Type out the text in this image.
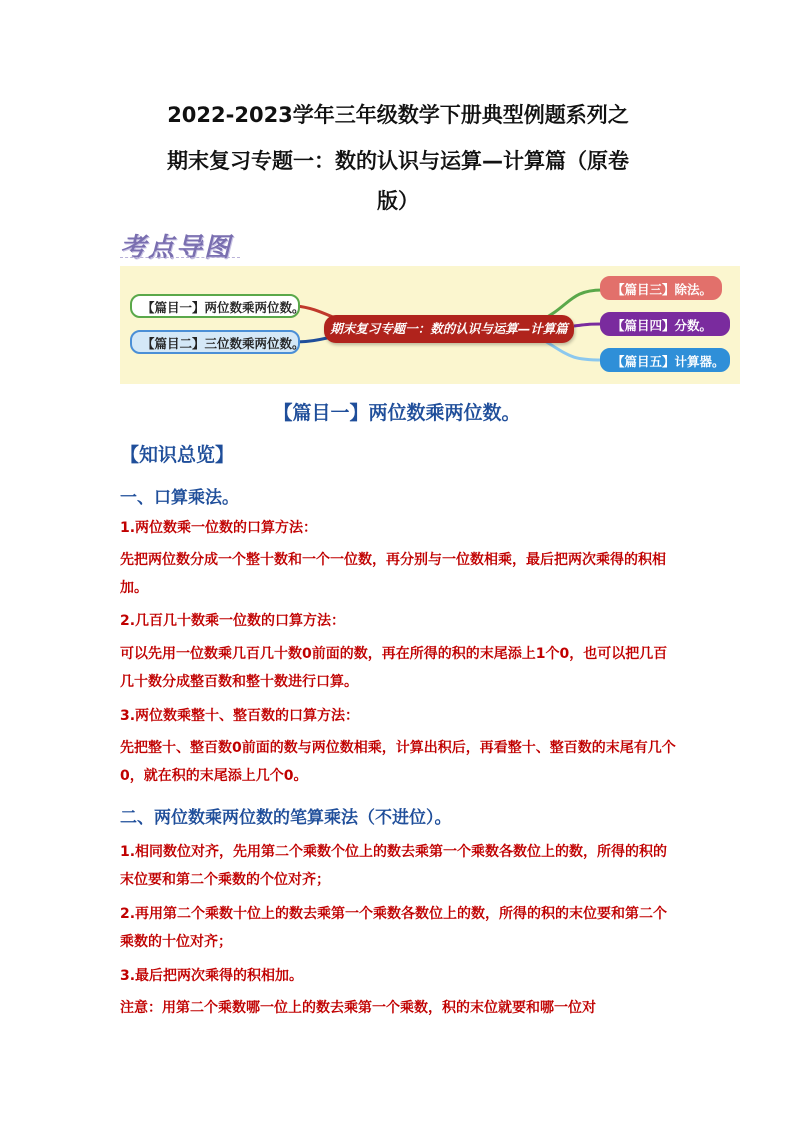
2022-2023学年三年级数学下册典型例题系列之
期末复习专题一：数的认识与运算—计算篇（原卷
版）
考点导图
【篇目一】两位数乘两位数。
【篇目二】三位数乘两位数。
期末复习专题一：数的认识与运算—计算篇
【篇目三】除法。
【篇目四】分数。
【篇目五】计算器。
【篇目一】两位数乘两位数。
【知识总览】
一、口算乘法。
1.两位数乘一位数的口算方法：
先把两位数分成一个整十数和一个一位数，再分别与一位数相乘，最后把两次乘得的积相加。
2.几百几十数乘一位数的口算方法：
可以先用一位数乘几百几十数0前面的数，再在所得的积的末尾添上1个0，也可以把几百几十数分成整百数和整十数进行口算。
3.两位数乘整十、整百数的口算方法：
先把整十、整百数0前面的数与两位数相乘，计算出积后，再看整十、整百数的末尾有几个0，就在积的末尾添上几个0。
二、两位数乘两位数的笔算乘法（不进位）。
1.相同数位对齐，先用第二个乘数个位上的数去乘第一个乘数各数位上的数，所得的积的末位要和第二个乘数的个位对齐；
2.再用第二个乘数十位上的数去乘第一个乘数各数位上的数，所得的积的末位要和第二个乘数的十位对齐；
3.最后把两次乘得的积相加。
注意：用第二个乘数哪一位上的数去乘第一个乘数，积的末位就要和哪一位对
